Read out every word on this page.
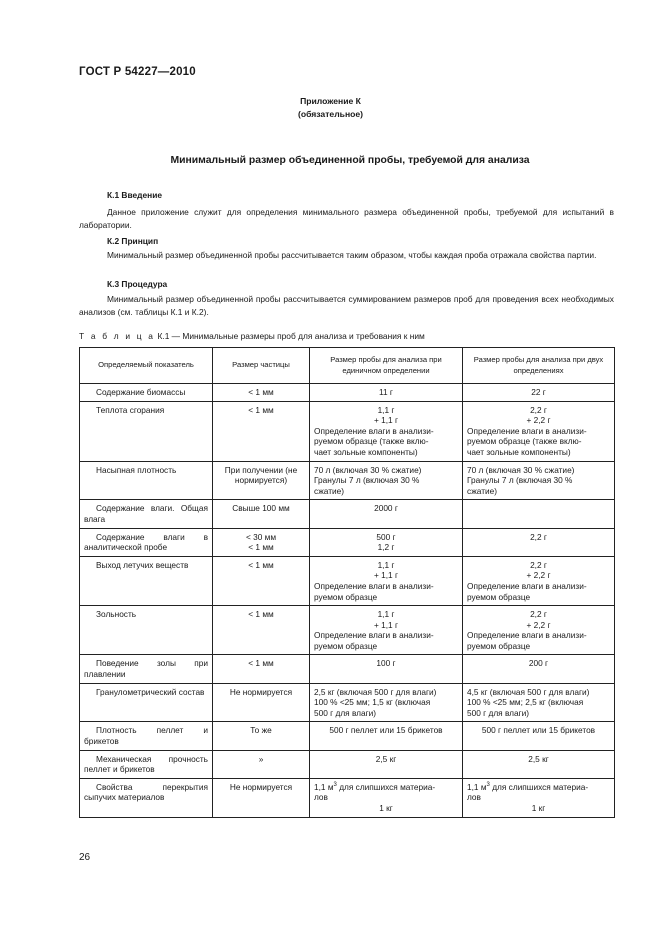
ГОСТ Р 54227—2010
Приложение К
(обязательное)
Минимальный размер объединенной пробы, требуемой для анализа
К.1 Введение
Данное приложение служит для определения минимального размера объединенной пробы, требуемой для испытаний в лаборатории.
К.2 Принцип
Минимальный размер объединенной пробы рассчитывается таким образом, чтобы каждая проба отражала свойства партии.
К.3 Процедура
Минимальный размер объединенной пробы рассчитывается суммированием размеров проб для проведения всех необходимых анализов (см. таблицы К.1 и К.2).
Т а б л и ц а К.1 — Минимальные размеры проб для анализа и требования к ним
Определяемый показатель	Размер частицы	Размер пробы для анализа при единичном определении	Размер пробы для анализа при двух определениях
Содержание биомассы	< 1 мм	11 г	22 г

Теплота сгорания	< 1 мм	1,1 г
+ 1,1 г
Определение влаги в анализи-
руемом образце (также вклю-
чает зольные компоненты)	2,2 г
+ 2,2 г
Определение влаги в анализи-
руемом образце (также вклю-
чает зольные компоненты)

Насыпная плотность	При получении (не нормируется)	70 л (включая 30 % сжатие)
Гранулы 7 л (включая 30 %
сжатие)	70 л (включая 30 % сжатие)
Гранулы 7 л (включая 30 %
сжатие)

Содержание влаги. Общая влага	Свыше 100 мм	2000 г	

Содержание влаги в аналитической пробе	< 30 мм
< 1 мм	500 г
1,2 г	2,2 г

Выход летучих веществ	< 1 мм	1,1 г
+ 1,1 г
Определение влаги в анализи-
руемом образце	2,2 г
+ 2,2 г
Определение влаги в анализи-
руемом образце

Зольность	< 1 мм	1,1 г
+ 1,1 г
Определение влаги в анализи-
руемом образце	2,2 г
+ 2,2 г
Определение влаги в анализи-
руемом образце

Поведение золы при плавлении	< 1 мм	100 г	200 г

Гранулометрический состав	Не нормируется	2,5 кг (включая 500 г для влаги)
100 % <25 мм; 1,5 кг (включая
500 г для влаги)	4,5 кг (включая 500 г для влаги)
100 % <25 мм; 2,5 кг (включая
500 г для влаги)

Плотность пеллет и брикетов	То же	500 г пеллет или 15 брикетов	500 г пеллет или 15 брикетов

Механическая прочность пеллет и брикетов	»	2,5 кг	2,5 кг

Свойства перекрытия сыпучих материалов	Не нормируется	1,1 $м^3$ для слипшихся материа-
лов
1 кг	1,1 $м^3$ для слипшихся материа-
лов
1 кг
26
